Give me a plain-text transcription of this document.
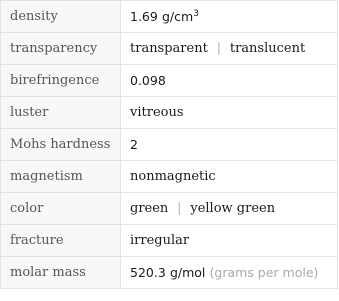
density	1.69 $g/cm^3$
transparency	transparent | translucent
birefringence	0.098
luster	vitreous
Mohs hardness	2
magnetism	nonmagnetic
color	green | yellow green
fracture	irregular
molar mass	520.3 g/mol (grams per mole)
